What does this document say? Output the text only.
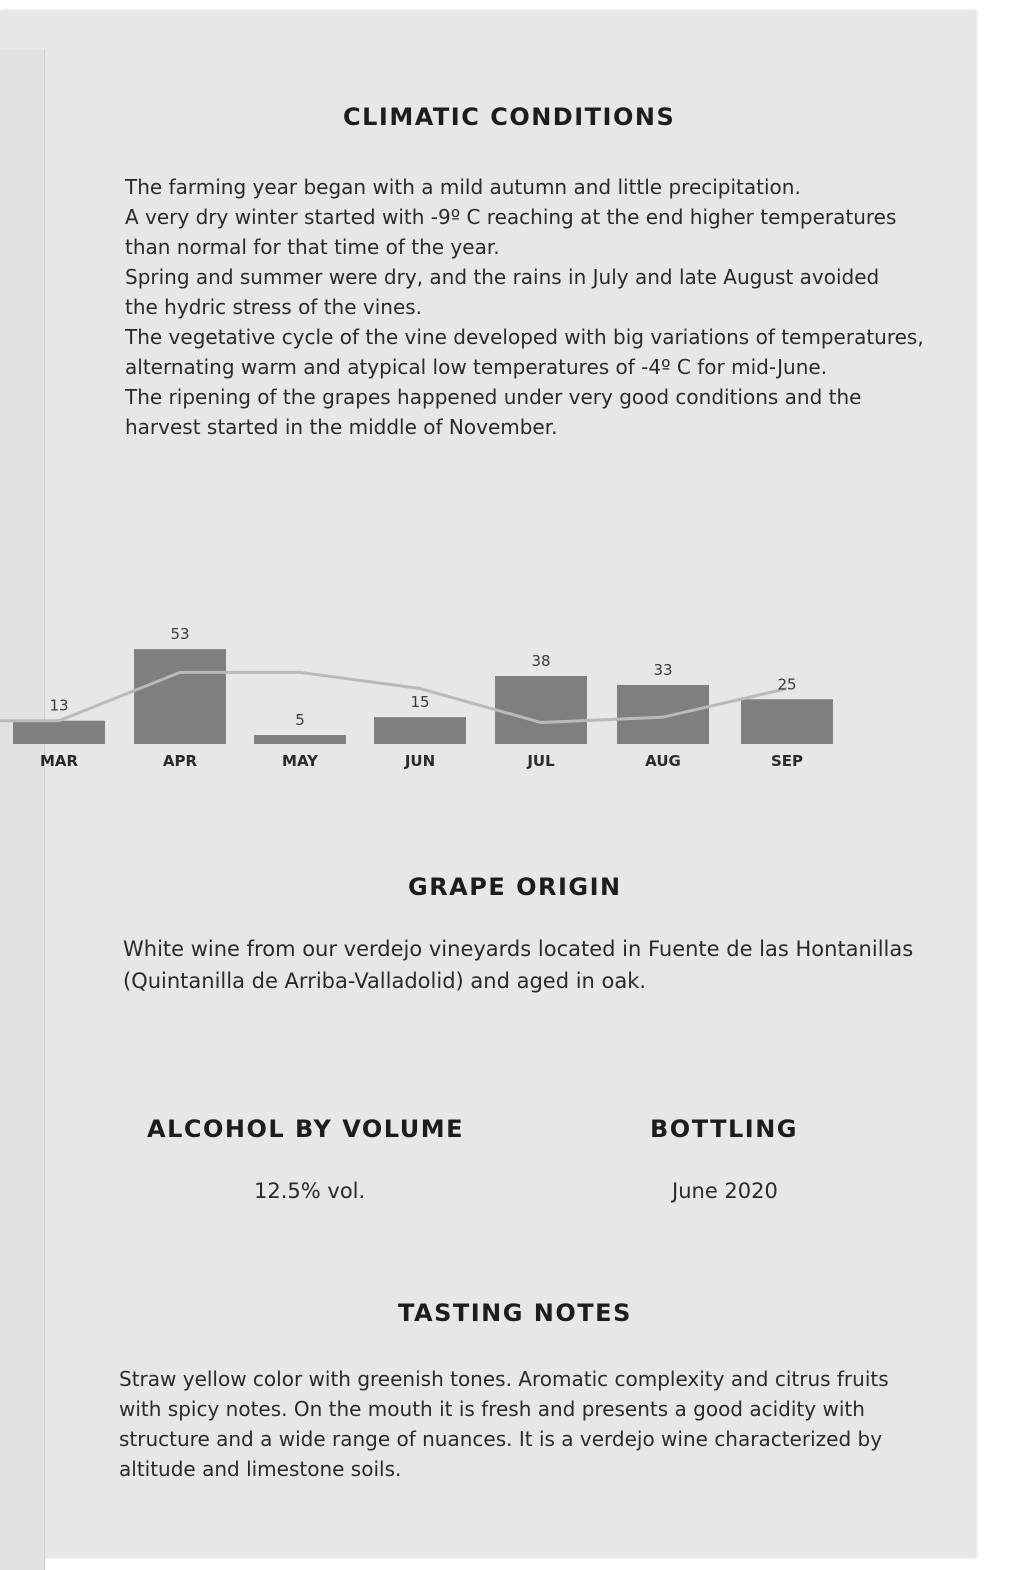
CLIMATIC CONDITIONS
The farming year began with a mild autumn and little precipitation.
A very dry winter started with -9º C reaching at the end higher temperatures
than normal for that time of the year.
Spring and summer were dry, and the rains in July and late August avoided
the hydric stress of the vines.
The vegetative cycle of the vine developed with big variations of temperatures,
alternating warm and atypical low temperatures of -4º C for mid-June.
The ripening of the grapes happened under very good conditions and the
harvest started in the middle of November.
13
53
5
15
38	33
25
MAR	APR	MAY	JUN	JUL	AUG	SEP
GRAPE ORIGIN
White wine from our verdejo vineyards located in Fuente de las Hontanillas
(Quintanilla de Arriba-Valladolid) and aged in oak.
ALCOHOL BY VOLUME
12.5% vol.
BOTTLING
June 2020
TASTING NOTES
Straw yellow color with greenish tones. Aromatic complexity and citrus fruits
with spicy notes. On the mouth it is fresh and presents a good acidity with
structure and a wide range of nuances. It is a verdejo wine characterized by
altitude and limestone soils.
